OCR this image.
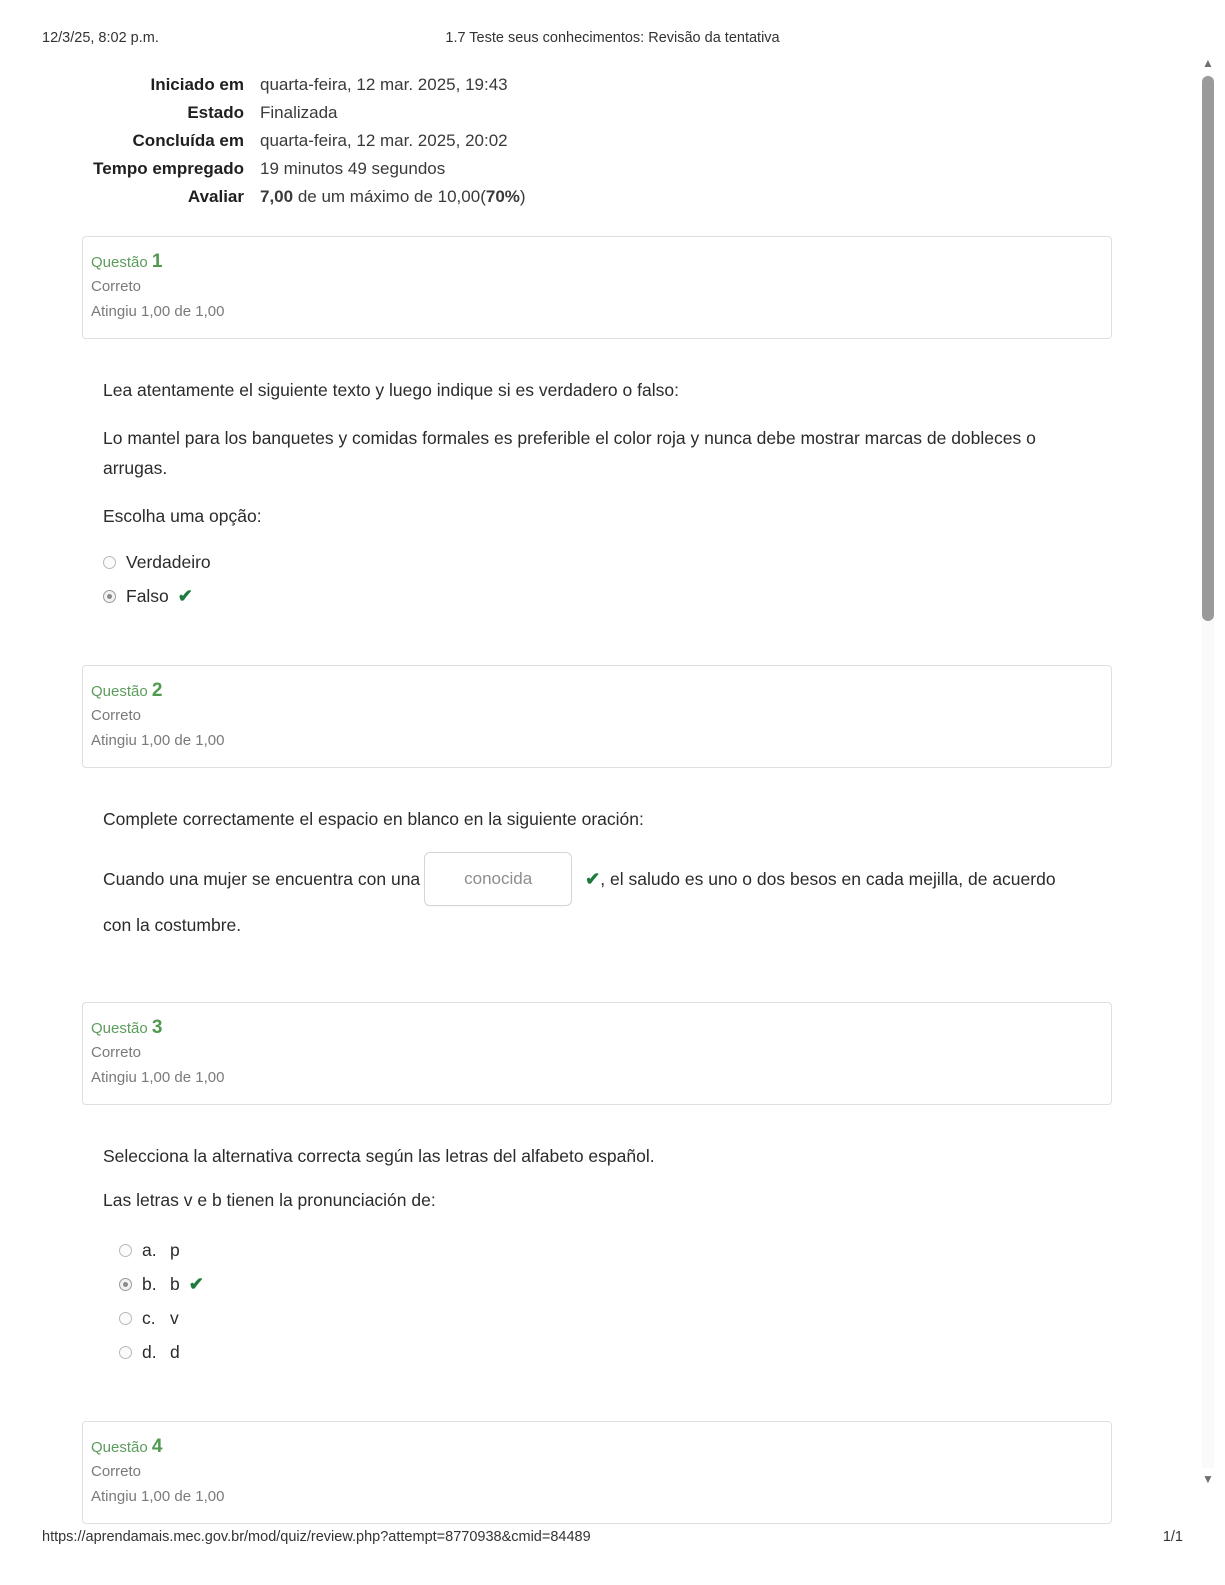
12/3/25, 8:02 p.m.	1.7 Teste seus conhecimentos: Revisão da tentativa
▲
▼
Iniciado em quarta-feira, 12 mar. 2025, 19:43
Estado Finalizada
Concluída em quarta-feira, 12 mar. 2025, 20:02
Tempo empregado 19 minutos 49 segundos
Avaliar 7,00 de um máximo de 10,00(70%)
Questão 1
Correto
Atingiu 1,00 de 1,00

Lea atentamente el siguiente texto y luego indique si es verdadero o falso:

Lo mantel para los banquetes y comidas formales es preferible el color roja y nunca debe mostrar marcas de dobleces o arrugas.

Escolha uma opção:

Verdadeiro
Falso ✔
Questão 2
Correto
Atingiu 1,00 de 1,00

Complete correctamente el espacio en blanco en la siguiente oración:

Cuando una mujer se encuentra con una	conocida	✔ , el saludo es uno o dos besos en cada mejilla, de acuerdo
con la costumbre.
Questão 3
Correto
Atingiu 1,00 de 1,00

Selecciona la alternativa correcta según las letras del alfabeto español.

Las letras v e b tienen la pronunciación de:

a. p
b. b ✔
c. v
d. d
Questão 4
Correto
Atingiu 1,00 de 1,00
https://aprendamais.mec.gov.br/mod/quiz/review.php?attempt=8770938&cmid=84489	1/1
